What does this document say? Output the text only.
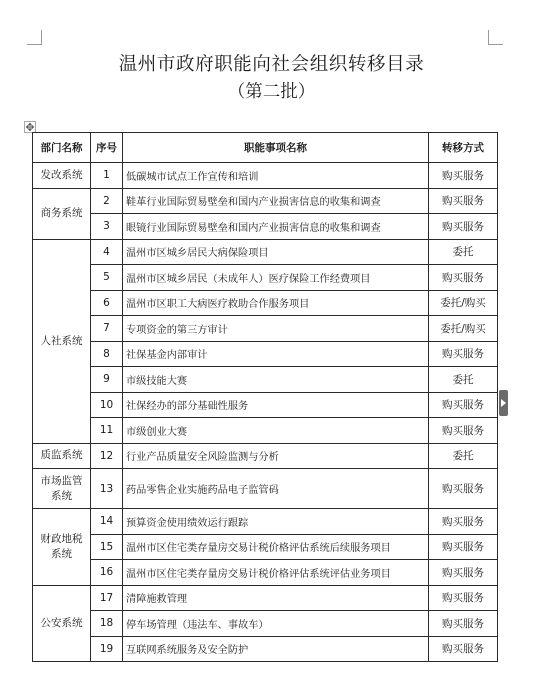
温州市政府职能向社会组织转移目录
（第二批）
✥
部门名称	序号	职能事项名称	转移方式
发改系统	1	低碳城市试点工作宣传和培训	购买服务
商务系统	2	鞋革行业国际贸易壁垒和国内产业损害信息的收集和调查	购买服务
	3	眼镜行业国际贸易壁垒和国内产业损害信息的收集和调查	购买服务
人社系统	4	温州市区城乡居民大病保险项目	委托
	5	温州市区城乡居民（未成年人）医疗保险工作经费项目	购买服务
	6	温州市区职工大病医疗救助合作服务项目	委托/购买
	7	专项资金的第三方审计	委托/购买
	8	社保基金内部审计	购买服务
	9	市级技能大赛	委托
	10	社保经办的部分基础性服务	购买服务
	11	市级创业大赛	购买服务
质监系统	12	行业产品质量安全风险监测与分析	委托
市场监管系统	13	药品零售企业实施药品电子监管码	购买服务
财政地税系统	14	预算资金使用绩效运行跟踪	购买服务
	15	温州市区住宅类存量房交易计税价格评估系统后续服务项目	购买服务
	16	温州市区住宅类存量房交易计税价格评估系统评估业务项目	购买服务
公安系统	17	清障施救管理	购买服务
	18	停车场管理（违法车、事故车）	购买服务
	19	互联网系统服务及安全防护	购买服务
